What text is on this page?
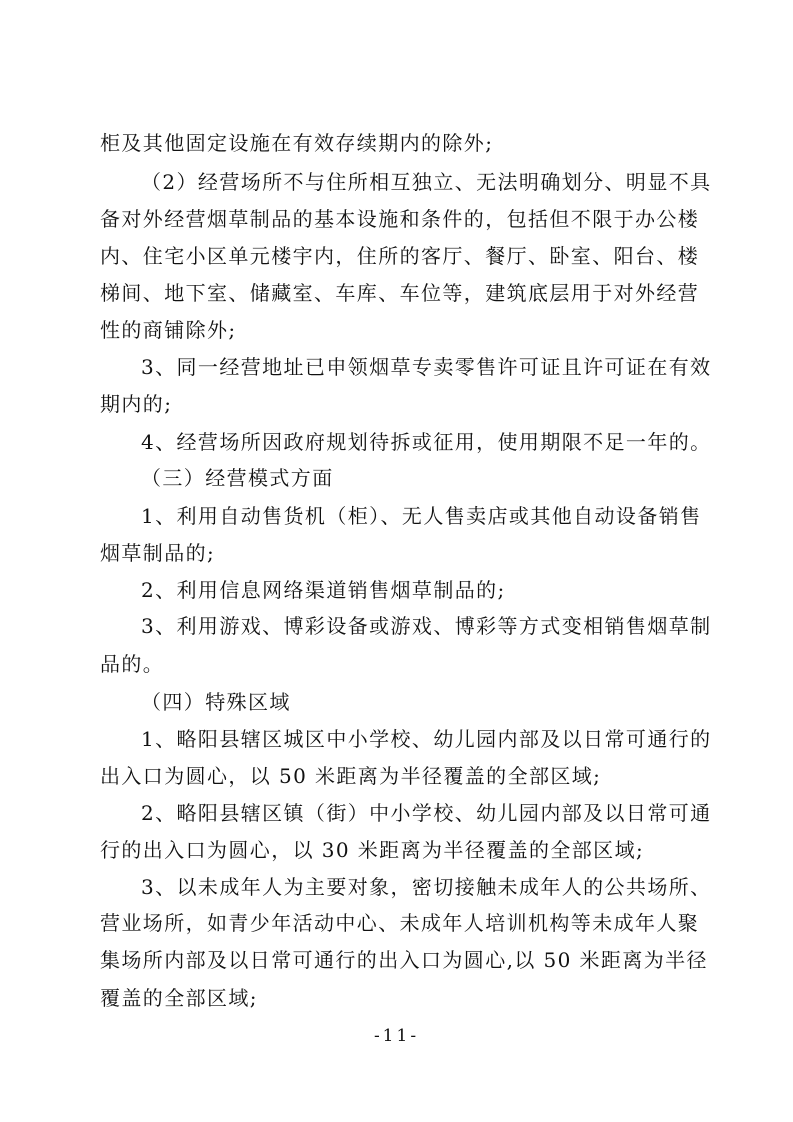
柜及其他固定设施在有效存续期内的除外;
（2）经营场所不与住所相互独立、无法明确划分、明显不具
备对外经营烟草制品的基本设施和条件的，包括但不限于办公楼
内、住宅小区单元楼宇内，住所的客厅、餐厅、卧室、阳台、楼
梯间、地下室、储藏室、车库、车位等，建筑底层用于对外经营
性的商铺除外;
3、同一经营地址已申领烟草专卖零售许可证且许可证在有效
期内的;
4、经营场所因政府规划待拆或征用，使用期限不足一年的。
（三）经营模式方面
1、利用自动售货机（柜）、无人售卖店或其他自动设备销售
烟草制品的;
2、利用信息网络渠道销售烟草制品的;
3、利用游戏、博彩设备或游戏、博彩等方式变相销售烟草制
品的。
（四）特殊区域
1、略阳县辖区城区中小学校、幼儿园内部及以日常可通行的
出入口为圆心，以 50 米距离为半径覆盖的全部区域;
2、略阳县辖区镇（街）中小学校、幼儿园内部及以日常可通
行的出入口为圆心，以 30 米距离为半径覆盖的全部区域;
3、以未成年人为主要对象，密切接触未成年人的公共场所、
营业场所，如青少年活动中心、未成年人培训机构等未成年人聚
集场所内部及以日常可通行的出入口为圆心,以 50 米距离为半径
覆盖的全部区域;
-11-
